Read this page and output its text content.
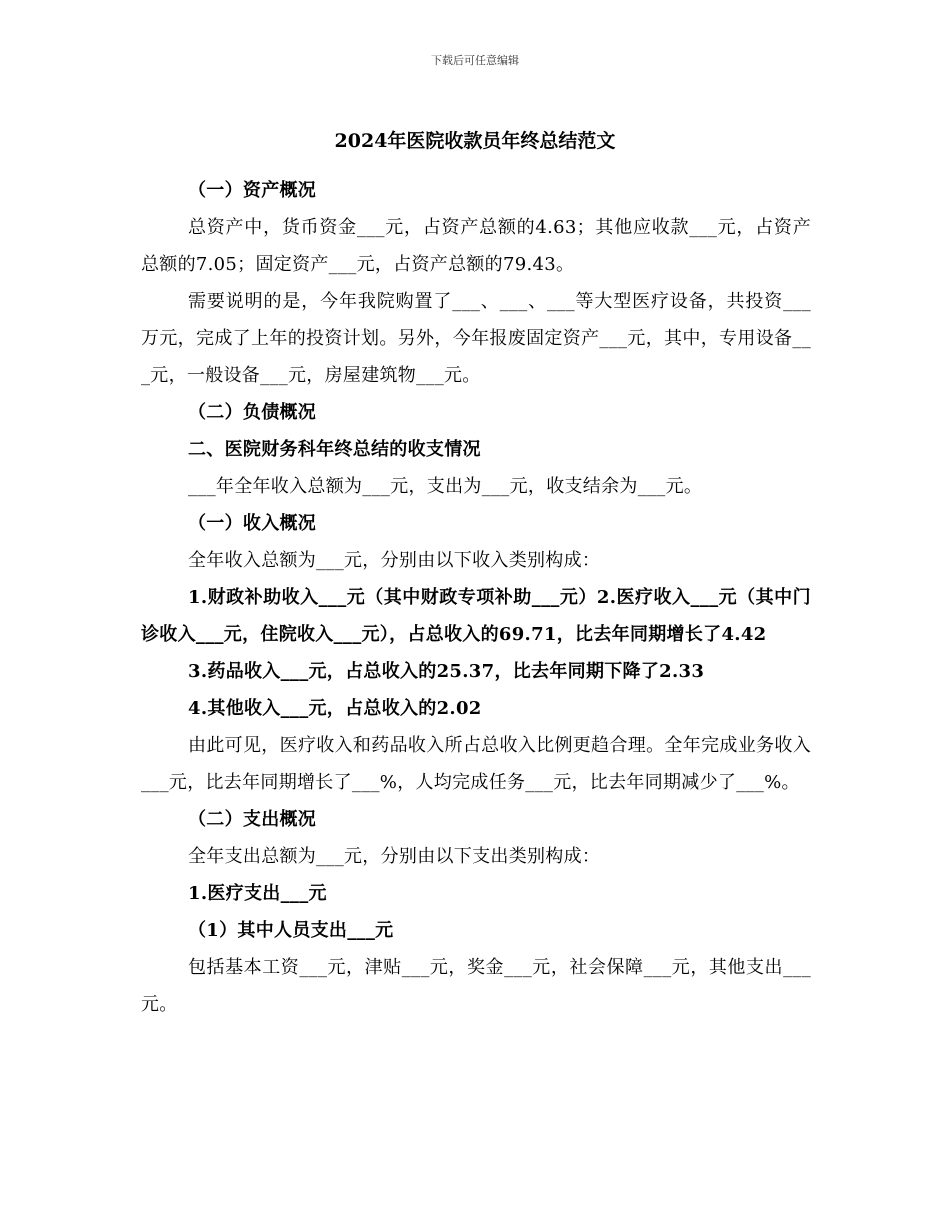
下载后可任意编辑
2024年医院收款员年终总结范文

（一）资产概况

总资产中，货币资金___元，占资产总额的4.63；其他应收款___元，占资产总额的7.05；固定资产___元，占资产总额的79.43。

需要说明的是，今年我院购置了___、___、___等大型医疗设备，共投资___万元，完成了上年的投资计划。另外，今年报废固定资产___元，其中，专用设备___元，一般设备___元，房屋建筑物___元。

（二）负债概况

二、医院财务科年终总结的收支情况

___年全年收入总额为___元，支出为___元，收支结余为___元。

（一）收入概况

全年收入总额为___元，分别由以下收入类别构成：

1.财政补助收入___元（其中财政专项补助___元）2.医疗收入___元（其中门诊收入___元，住院收入___元），占总收入的69.71，比去年同期增长了4.42

3.药品收入___元，占总收入的25.37，比去年同期下降了2.33

4.其他收入___元，占总收入的2.02

由此可见，医疗收入和药品收入所占总收入比例更趋合理。全年完成业务收入___元，比去年同期增长了___%，人均完成任务___元，比去年同期减少了___%。

（二）支出概况

全年支出总额为___元，分别由以下支出类别构成：

1.医疗支出___元

（1）其中人员支出___元

包括基本工资___元，津贴___元，奖金___元，社会保障___元，其他支出___元。
